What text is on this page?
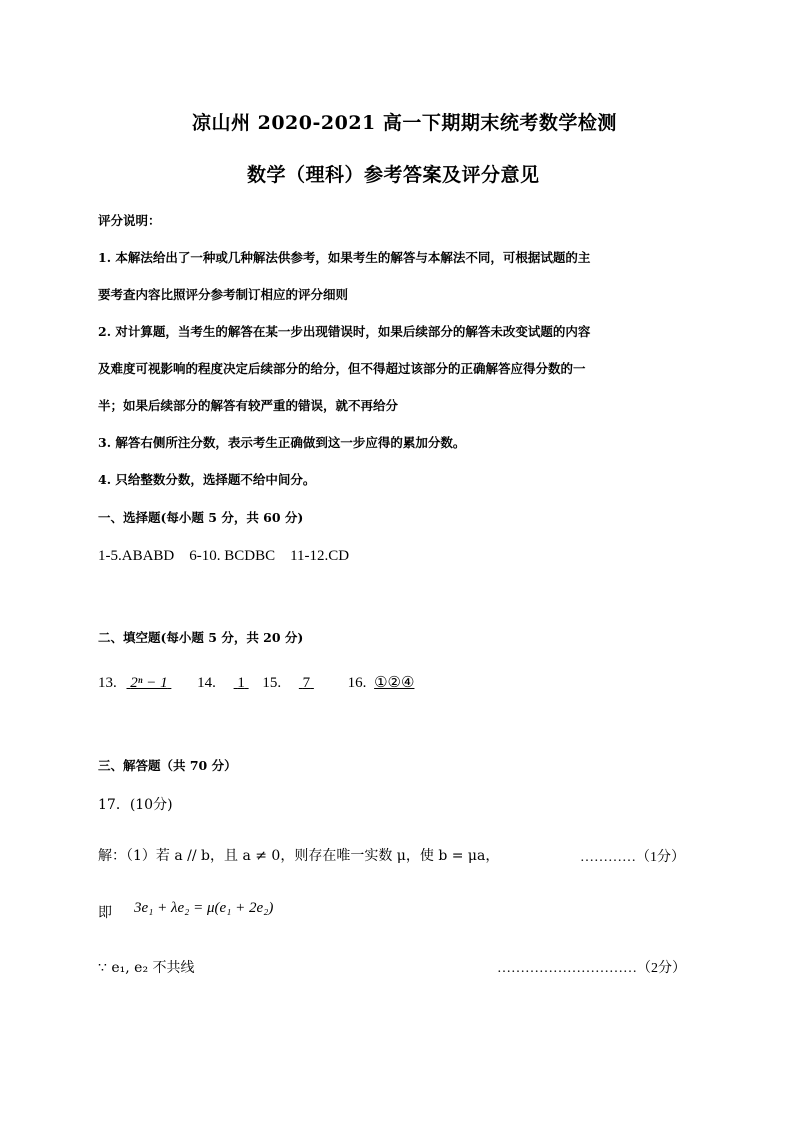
凉山州 2020-2021 高一下期期末统考数学检测
数学（理科）参考答案及评分意见
评分说明：
1. 本解法给出了一种或几种解法供参考，如果考生的解答与本解法不同，可根据试题的主
要考查内容比照评分参考制订相应的评分细则
2. 对计算题，当考生的解答在某一步出现错误时，如果后续部分的解答未改变试题的内容
及难度可视影响的程度决定后续部分的给分，但不得超过该部分的正确解答应得分数的一
半；如果后续部分的解答有较严重的错误，就不再给分
3. 解答右侧所注分数，表示考生正确做到这一步应得的累加分数。
4. 只给整数分数，选择题不给中间分。
一、选择题(每小题 5 分，共 60 分)
1-5.ABABD    6-10. BCDBC    11-12.CD
二、填空题(每小题 5 分，共 20 分)
13. 2ⁿ − 1 14. 1 15. 7	16. ①②④
三、解答题（共 70 分）
17．(10分)
解：（1）若 a // b，且 a ≠ 0，则存在唯一实数 μ，使 b = μa，	…………（1分）
即 3e₁ + λe₂ = μ(e₁ + 2e₂)
∵ e₁, e₂ 不共线	…………………………（2分）
